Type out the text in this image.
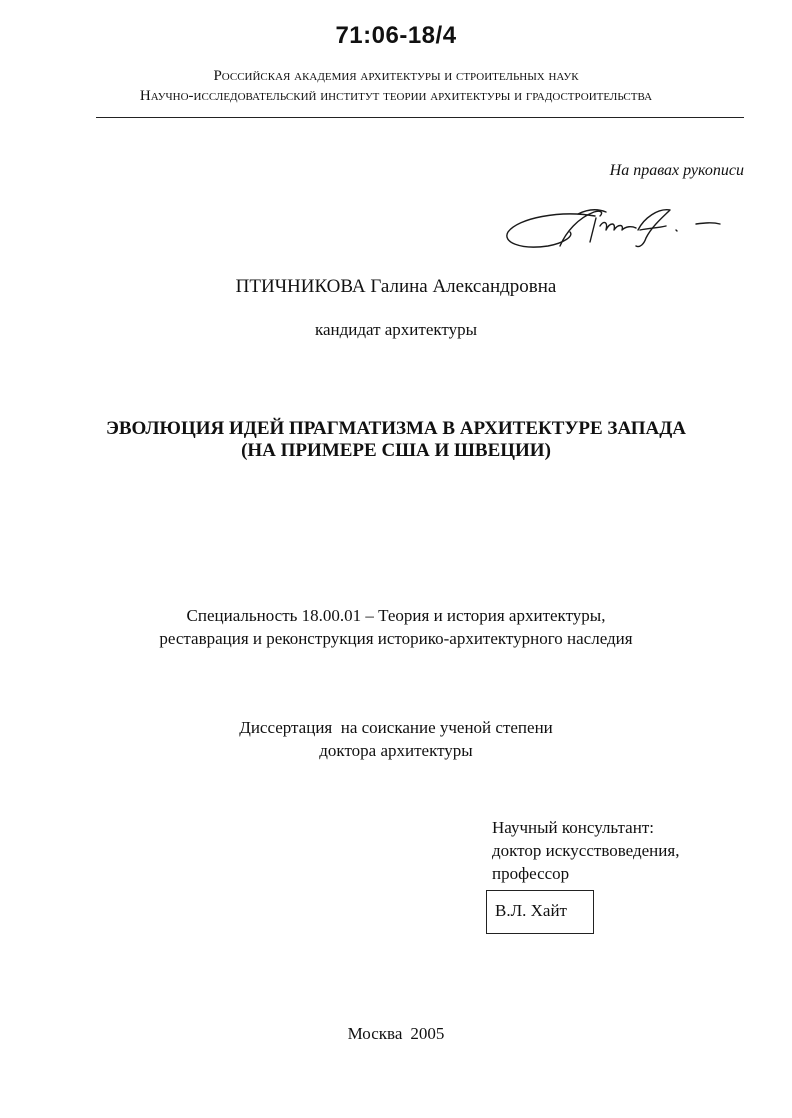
71:06-18/4
Российская академия архитектуры и строительных наук
Научно-исследовательский институт теории архитектуры и градостроительства
На правах рукописи
ПТИЧНИКОВА Галина Александровна
кандидат архитектуры
ЭВОЛЮЦИЯ ИДЕЙ ПРАГМАТИЗМА В АРХИТЕКТУРЕ ЗАПАДА
(НА ПРИМЕРЕ США И ШВЕЦИИ)
Специальность 18.00.01 – Теория и история архитектуры,
реставрация и реконструкция историко-архитектурного наследия
Диссертация  на соискание ученой степени
доктора архитектуры
Научный консультант:
доктор искусствоведения,
профессор
В.Л. Хайт
Москва 2005
